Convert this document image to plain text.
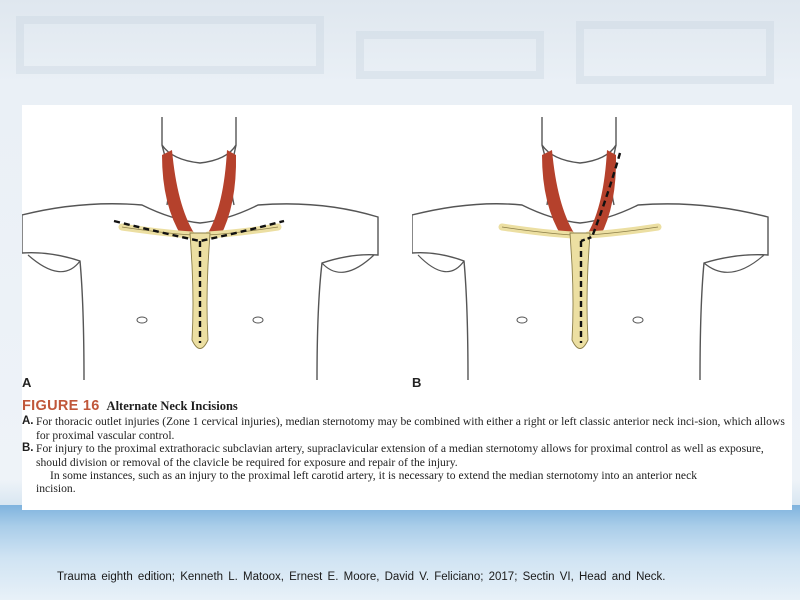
A	B
FIGURE 16 Alternate Neck Incisions
A. For thoracic outlet injuries (Zone 1 cervical injuries), median sternotomy may be combined with either a right or left classic anterior neck inci-sion, which allows for proximal vascular control.
B. For injury to the proximal extrathoracic subclavian artery, supraclavicular extension of a median sternotomy allows for proximal control as well as exposure, should division or removal of the clavicle be required for exposure and repair of the injury.
In some instances, such as an injury to the proximal left carotid artery, it is necessary to extend the median sternotomy into an anterior neck
incision.
Trauma eighth edition; Kenneth L. Matoox, Ernest E. Moore, David V. Feliciano; 2017; Sectin VI, Head and Neck.
